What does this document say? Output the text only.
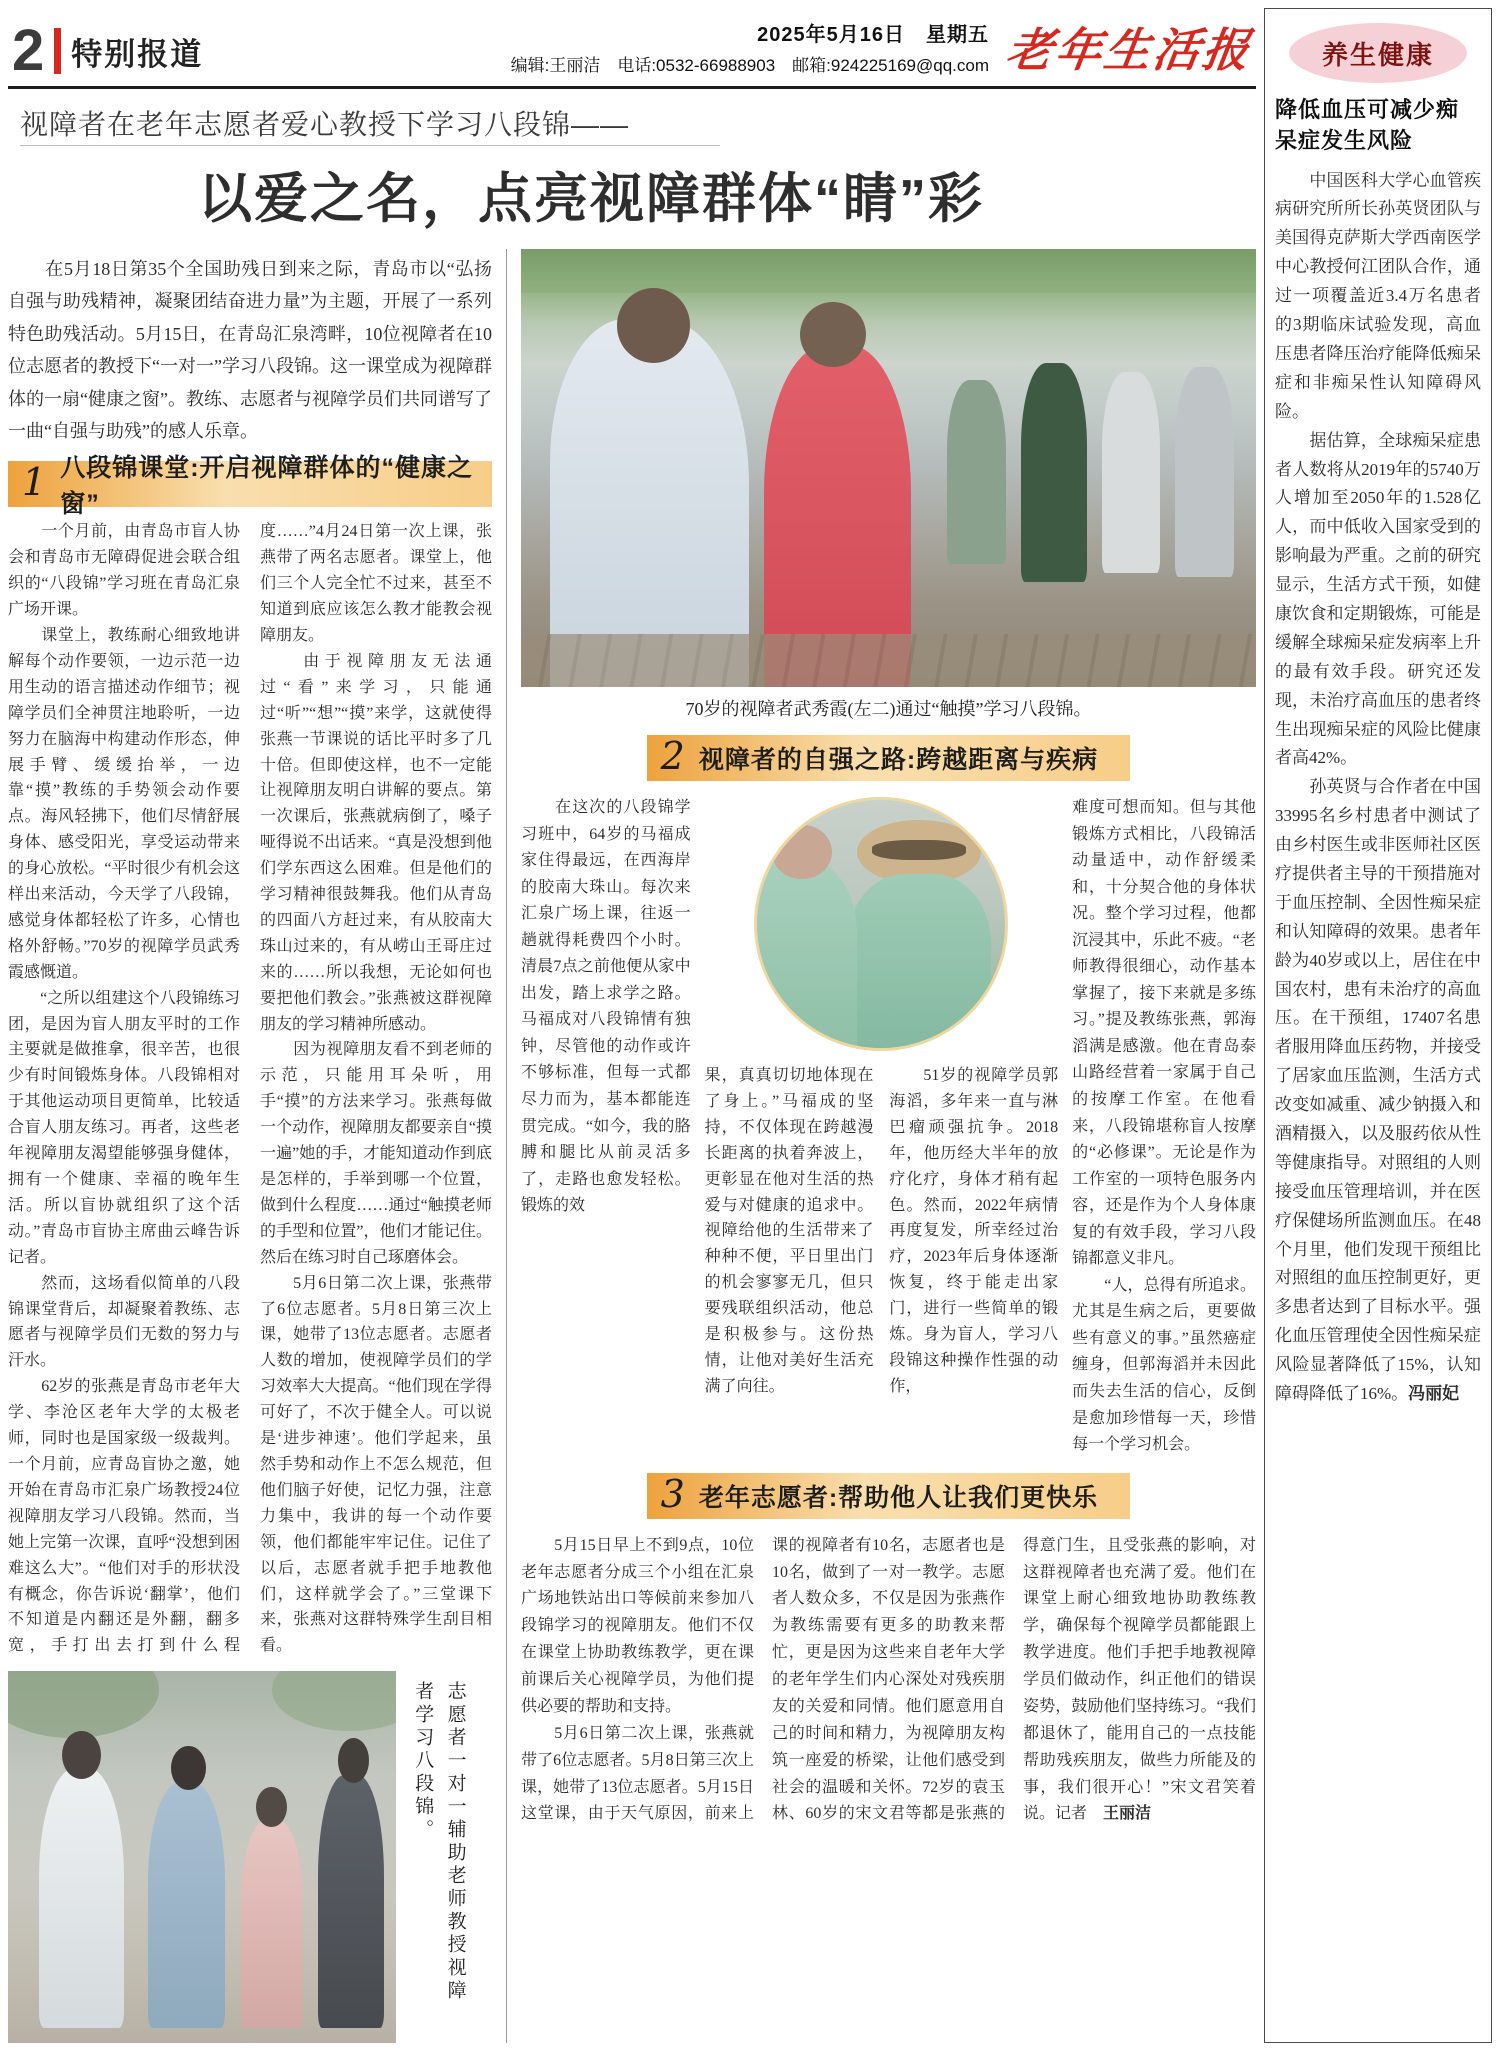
2 特别报道
2025年5月16日　星期五
编辑:王丽洁　电话:0532-66988903　邮箱:924225169@qq.com 老年生活报
视障者在老年志愿者爱心教授下学习八段锦——
以爱之名，点亮视障群体“睛”彩

　　在5月18日第35个全国助残日到来之际，青岛市以“弘扬自强与助残精神，凝聚团结奋进力量”为主题，开展了一系列特色助残活动。5月15日，在青岛汇泉湾畔，10位视障者在10位志愿者的教授下“一对一”学习八段锦。这一课堂成为视障群体的一扇“健康之窗”。教练、志愿者与视障学员们共同谱写了一曲“自强与助残”的感人乐章。

1 八段锦课堂:开启视障群体的“健康之窗”
　　一个月前，由青岛市盲人协会和青岛市无障碍促进会联合组织的“八段锦”学习班在青岛汇泉广场开课。
　　课堂上，教练耐心细致地讲解每个动作要领，一边示范一边用生动的语言描述动作细节；视障学员们全神贯注地聆听，一边努力在脑海中构建动作形态，伸展手臂、缓缓抬举，一边靠“摸”教练的手势领会动作要点。海风轻拂下，他们尽情舒展身体、感受阳光，享受运动带来的身心放松。“平时很少有机会这样出来活动，今天学了八段锦，感觉身体都轻松了许多，心情也格外舒畅。”70岁的视障学员武秀霞感慨道。
　　“之所以组建这个八段锦练习团，是因为盲人朋友平时的工作主要就是做推拿，很辛苦，也很少有时间锻炼身体。八段锦相对于其他运动项目更简单，比较适合盲人朋友练习。再者，这些老年视障朋友渴望能够强身健体，拥有一个健康、幸福的晚年生活。所以盲协就组织了这个活动。”青岛市盲协主席曲云峰告诉记者。
　　然而，这场看似简单的八段锦课堂背后，却凝聚着教练、志愿者与视障学员们无数的努力与汗水。
　　62岁的张燕是青岛市老年大学、李沧区老年大学的太极老师，同时也是国家级一级裁判。一个月前，应青岛盲协之邀，她开始在青岛市汇泉广场教授24位视障朋友学习八段锦。然而，当她上完第一次课，直呼“没想到困难这么大”。“他们对手的形状没有概念，你告诉说‘翻掌’，他们不知道是内翻还是外翻，翻多宽，手打出去打到什么程度……”4月24日第一次上课，张燕带了两名志愿者。课堂上，他们三个人完全忙不过来，甚至不知道到底应该怎么教才能教会视障朋友。
　　由于视障朋友无法通过“看”来学习，只能通过“听”“想”“摸”来学，这就使得张燕一节课说的话比平时多了几十倍。但即使这样，也不一定能让视障朋友明白讲解的要点。第一次课后，张燕就病倒了，嗓子哑得说不出话来。“真是没想到他们学东西这么困难。但是他们的学习精神很鼓舞我。他们从青岛的四面八方赶过来，有从胶南大珠山过来的，有从崂山王哥庄过来的……所以我想，无论如何也要把他们教会。”张燕被这群视障朋友的学习精神所感动。
　　因为视障朋友看不到老师的示范，只能用耳朵听，用手“摸”的方法来学习。张燕每做一个动作，视障朋友都要亲自“摸一遍”她的手，才能知道动作到底是怎样的，手举到哪一个位置，做到什么程度……通过“触摸老师的手型和位置”，他们才能记住。然后在练习时自己琢磨体会。
　　5月6日第二次上课，张燕带了6位志愿者。5月8日第三次上课，她带了13位志愿者。志愿者人数的增加，使视障学员们的学习效率大大提高。“他们现在学得可好了，不次于健全人。可以说是‘进步神速’。他们学起来，虽然手势和动作上不怎么规范，但他们脑子好使，记忆力强，注意力集中，我讲的每一个动作要领，他们都能牢牢记住。记住了以后，志愿者就手把手地教他们，这样就学会了。”三堂课下来，张燕对这群特殊学生刮目相看。
志愿者一对一辅助老师教授视障者学习八段锦。
70岁的视障者武秀霞(左二)通过“触摸”学习八段锦。
2 视障者的自强之路:跨越距离与疾病
　　在这次的八段锦学习班中，64岁的马福成家住得最远，在西海岸的胶南大珠山。每次来汇泉广场上课，往返一趟就得耗费四个小时。清晨7点之前他便从家中出发，踏上求学之路。马福成对八段锦情有独钟，尽管他的动作或许不够标准，但每一式都尽力而为，基本都能连贯完成。“如今，我的胳膊和腿比从前灵活多了，走路也愈发轻松。锻炼的效
果，真真切切地体现在了身上。”马福成的坚持，不仅体现在跨越漫长距离的执着奔波上，更彰显在他对生活的热爱与对健康的追求中。视障给他的生活带来了种种不便，平日里出门的机会寥寥无几，但只要残联组织活动，他总是积极参与。这份热情，让他对美好生活充满了向往。
　　51岁的视障学员郭海滔，多年来一直与淋巴瘤顽强抗争。2018年，他历经大半年的放疗化疗，身体才稍有起色。然而，2022年病情再度复发，所幸经过治疗，2023年后身体逐渐恢复，终于能走出家门，进行一些简单的锻炼。身为盲人，学习八段锦这种操作性强的动作，
难度可想而知。但与其他锻炼方式相比，八段锦活动量适中，动作舒缓柔和，十分契合他的身体状况。整个学习过程，他都沉浸其中，乐此不疲。“老师教得很细心，动作基本掌握了，接下来就是多练习。”提及教练张燕，郭海滔满是感激。他在青岛泰山路经营着一家属于自己的按摩工作室。在他看来，八段锦堪称盲人按摩的“必修课”。无论是作为工作室的一项特色服务内容，还是作为个人身体康复的有效手段，学习八段锦都意义非凡。
　　“人，总得有所追求。尤其是生病之后，更要做些有意义的事。”虽然癌症缠身，但郭海滔并未因此而失去生活的信心，反倒是愈加珍惜每一天，珍惜每一个学习机会。
3 老年志愿者:帮助他人让我们更快乐
　　5月15日早上不到9点，10位老年志愿者分成三个小组在汇泉广场地铁站出口等候前来参加八段锦学习的视障朋友。他们不仅在课堂上协助教练教学，更在课前课后关心视障学员，为他们提供必要的帮助和支持。
　　5月6日第二次上课，张燕就带了6位志愿者。5月8日第三次上课，她带了13位志愿者。5月15日这堂课，由于天气原因，前来上课的视障者有10名，志愿者也是10名，做到了一对一教学。志愿者人数众多，不仅是因为张燕作为教练需要有更多的助教来帮忙，更是因为这些来自老年大学的老年学生们内心深处对残疾朋友的关爱和同情。他们愿意用自己的时间和精力，为视障朋友构筑一座爱的桥梁，让他们感受到社会的温暖和关怀。72岁的袁玉林、60岁的宋文君等都是张燕的得意门生，且受张燕的影响，对这群视障者也充满了爱。他们在课堂上耐心细致地协助教练教学，确保每个视障学员都能跟上教学进度。他们手把手地教视障学员们做动作，纠正他们的错误姿势，鼓励他们坚持练习。“我们都退休了，能用自己的一点技能帮助残疾朋友，做些力所能及的事，我们很开心！”宋文君笑着说。记者　王丽洁
养生健康
降低血压可减少痴呆症发生风险
　　中国医科大学心血管疾病研究所所长孙英贤团队与美国得克萨斯大学西南医学中心教授何江团队合作，通过一项覆盖近3.4万名患者的3期临床试验发现，高血压患者降压治疗能降低痴呆症和非痴呆性认知障碍风险。
　　据估算，全球痴呆症患者人数将从2019年的5740万人增加至2050年的1.528亿人，而中低收入国家受到的影响最为严重。之前的研究显示，生活方式干预，如健康饮食和定期锻炼，可能是缓解全球痴呆症发病率上升的最有效手段。研究还发现，未治疗高血压的患者终生出现痴呆症的风险比健康者高42%。
　　孙英贤与合作者在中国33995名乡村患者中测试了由乡村医生或非医师社区医疗提供者主导的干预措施对于血压控制、全因性痴呆症和认知障碍的效果。患者年龄为40岁或以上，居住在中国农村，患有未治疗的高血压。在干预组，17407名患者服用降血压药物，并接受了居家血压监测，生活方式改变如减重、减少钠摄入和酒精摄入，以及服药依从性等健康指导。对照组的人则接受血压管理培训，并在医疗保健场所监测血压。在48个月里，他们发现干预组比对照组的血压控制更好，更多患者达到了目标水平。强化血压管理使全因性痴呆症风险显著降低了15%，认知障碍降低了16%。冯丽妃
